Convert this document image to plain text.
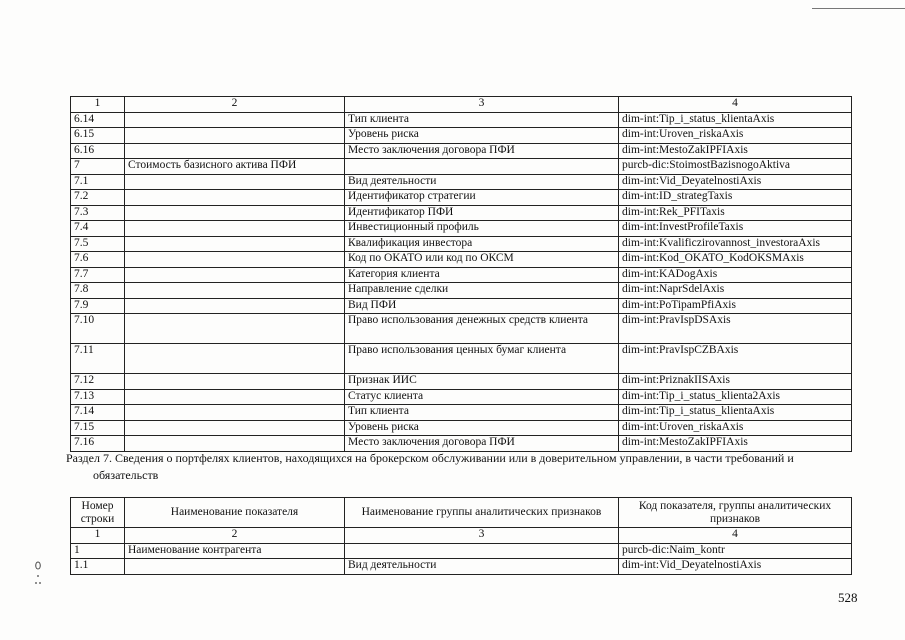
1	2	3	4
6.14		Тип клиента	dim-int:Tip_i_status_klientaAxis
6.15		Уровень риска	dim-int:Uroven_riskaAxis
6.16		Место заключения договора ПФИ	dim-int:MestoZakIPFIAxis
7	Стоимость базисного актива ПФИ		purcb-dic:StoimostBazisnogoAktiva
7.1		Вид деятельности	dim-int:Vid_DeyatelnostiAxis
7.2		Идентификатор стратегии	dim-int:ID_strategTaxis
7.3		Идентификатор ПФИ	dim-int:Rek_PFITaxis
7.4		Инвестиционный профиль	dim-int:InvestProfileTaxis
7.5		Квалификация инвестора	dim-int:Kvalificzirovannost_investoraAxis
7.6		Код по ОКАТО или код по ОКСМ	dim-int:Kod_OKATO_KodOKSMAxis
7.7		Категория клиента	dim-int:KADogAxis
7.8		Направление сделки	dim-int:NaprSdelAxis
7.9		Вид ПФИ	dim-int:PoTipamPfiAxis
7.10		Право использования денежных средств клиента	dim-int:PravIspDSAxis
7.11		Право использования ценных бумаг клиента	dim-int:PravIspCZBAxis
7.12		Признак ИИС	dim-int:PriznakIISAxis
7.13		Статус клиента	dim-int:Tip_i_status_klienta2Axis
7.14		Тип клиента	dim-int:Tip_i_status_klientaAxis
7.15		Уровень риска	dim-int:Uroven_riskaAxis
7.16		Место заключения договора ПФИ	dim-int:MestoZakIPFIAxis
Раздел 7. Сведения о портфелях клиентов, находящихся на брокерском обслуживании или в доверительном управлении, в части требований и
обязательств
Номер строки	Наименование показателя	Наименование группы аналитических признаков	Код показателя, группы аналитических признаков
1	2	3	4
1	Наименование контрагента		purcb-dic:Naim_kontr
1.1		Вид деятельности	dim-int:Vid_DeyatelnostiAxis
528
